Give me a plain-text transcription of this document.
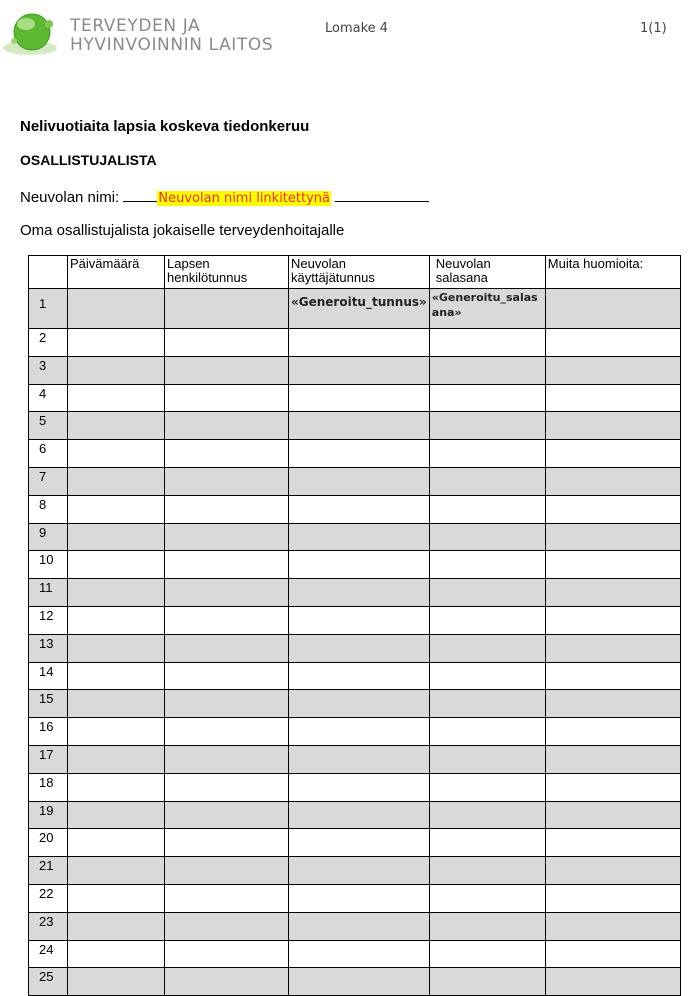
TERVEYDEN JA
HYVINVOINNIN LAITOS
Lomake 4	1(1)
Nelivuotiaita lapsia koskeva tiedonkeruu
OSALLISTUJALISTA
Neuvolan nimi:	Neuvolan nimi linkitettynä
Oma osallistujalista jokaiselle terveydenhoitajalle
	Päivämäärä	Lapsen henkilötunnus	Neuvolan käyttäjätunnus	Neuvolan salasana	Muita huomioita:
1			«Generoitu_tunnus»	«Generoitu_salasana»	
2					
3					
4					
5					
6					
7					
8					
9					
10					
11					
12					
13					
14					
15					
16					
17					
18					
19					
20					
21					
22					
23					
24					
25					
